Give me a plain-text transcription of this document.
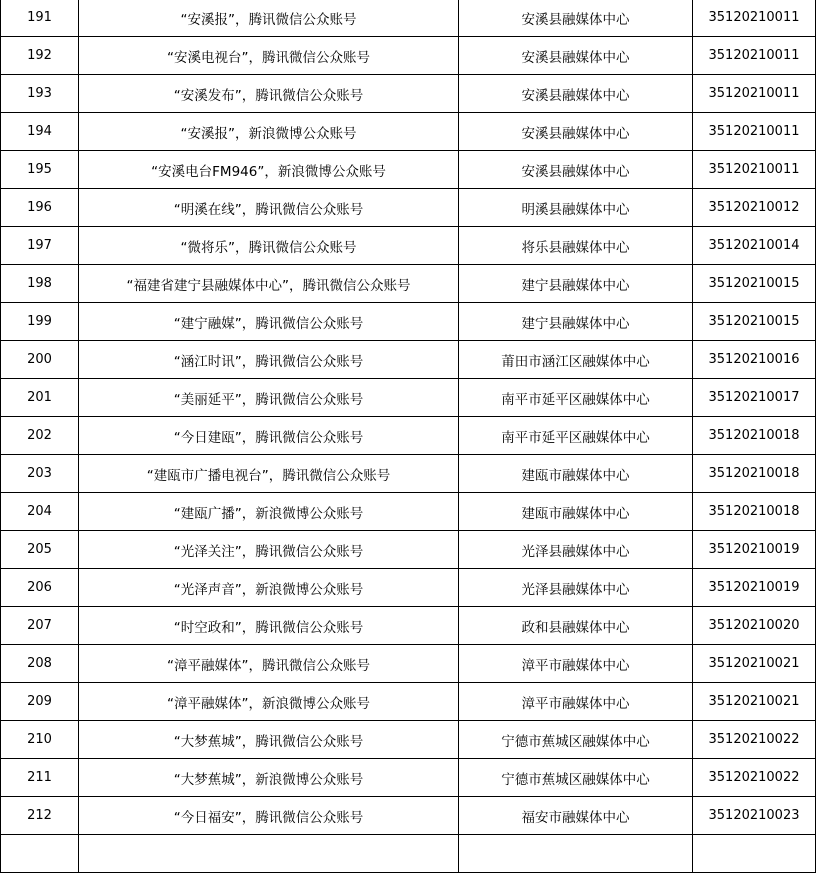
191	“安溪报”，腾讯微信公众账号	安溪县融媒体中心	35120210011
192	“安溪电视台”，腾讯微信公众账号	安溪县融媒体中心	35120210011
193	“安溪发布”，腾讯微信公众账号	安溪县融媒体中心	35120210011
194	“安溪报”，新浪微博公众账号	安溪县融媒体中心	35120210011
195	“安溪电台FM946”，新浪微博公众账号	安溪县融媒体中心	35120210011
196	“明溪在线”，腾讯微信公众账号	明溪县融媒体中心	35120210012
197	“微将乐”，腾讯微信公众账号	将乐县融媒体中心	35120210014
198	“福建省建宁县融媒体中心”，腾讯微信公众账号	建宁县融媒体中心	35120210015
199	“建宁融媒”，腾讯微信公众账号	建宁县融媒体中心	35120210015
200	“涵江时讯”，腾讯微信公众账号	莆田市涵江区融媒体中心	35120210016
201	“美丽延平”，腾讯微信公众账号	南平市延平区融媒体中心	35120210017
202	“今日建瓯”，腾讯微信公众账号	南平市延平区融媒体中心	35120210018
203	“建瓯市广播电视台”，腾讯微信公众账号	建瓯市融媒体中心	35120210018
204	“建瓯广播”，新浪微博公众账号	建瓯市融媒体中心	35120210018
205	“光泽关注”，腾讯微信公众账号	光泽县融媒体中心	35120210019
206	“光泽声音”，新浪微博公众账号	光泽县融媒体中心	35120210019
207	“时空政和”，腾讯微信公众账号	政和县融媒体中心	35120210020
208	“漳平融媒体”，腾讯微信公众账号	漳平市融媒体中心	35120210021
209	“漳平融媒体”，新浪微博公众账号	漳平市融媒体中心	35120210021
210	“大梦蕉城”，腾讯微信公众账号	宁德市蕉城区融媒体中心	35120210022
211	“大梦蕉城”，新浪微博公众账号	宁德市蕉城区融媒体中心	35120210022
212	“今日福安”，腾讯微信公众账号	福安市融媒体中心	35120210023
